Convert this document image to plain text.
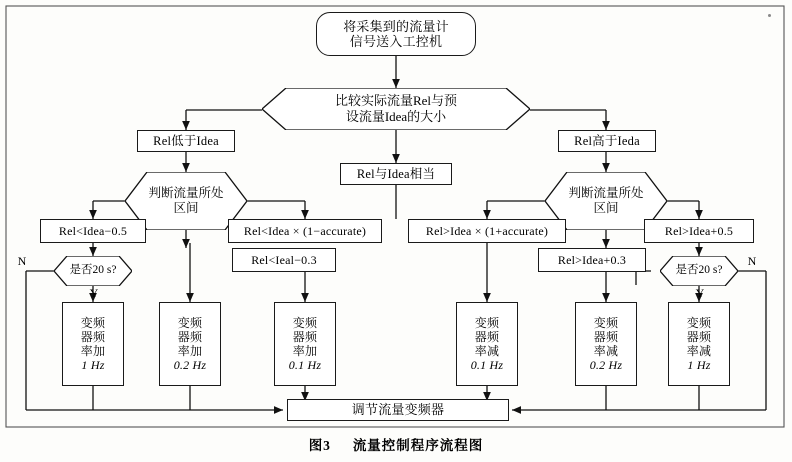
将采集到的流量计
信号送入工控机
比较实际流量Rel与预
设流量Idea的大小
Rel低于Idea
Rel与Idea相当
Rel高于Ieda
判断流量所处
区间
判断流量所处
区间
Rel<Idea−0.5	Rel<Idea × (1−accurate)	Rel>Idea × (1+accurate)	Rel>Idea+0.5
Rel<Ieal−0.3	Rel>Idea+0.3
是否20 s?	是否20 s?
N
Y
N
Y
变频
器频
率加
1 Hz
变频
器频
率加
0.2 Hz
变频
器频
率加
0.1 Hz
变频
器频
率减
0.1 Hz
变频
器频
率减
0.2 Hz
变频
器频
率减
1 Hz
调节流量变频器
图3 流量控制程序流程图
